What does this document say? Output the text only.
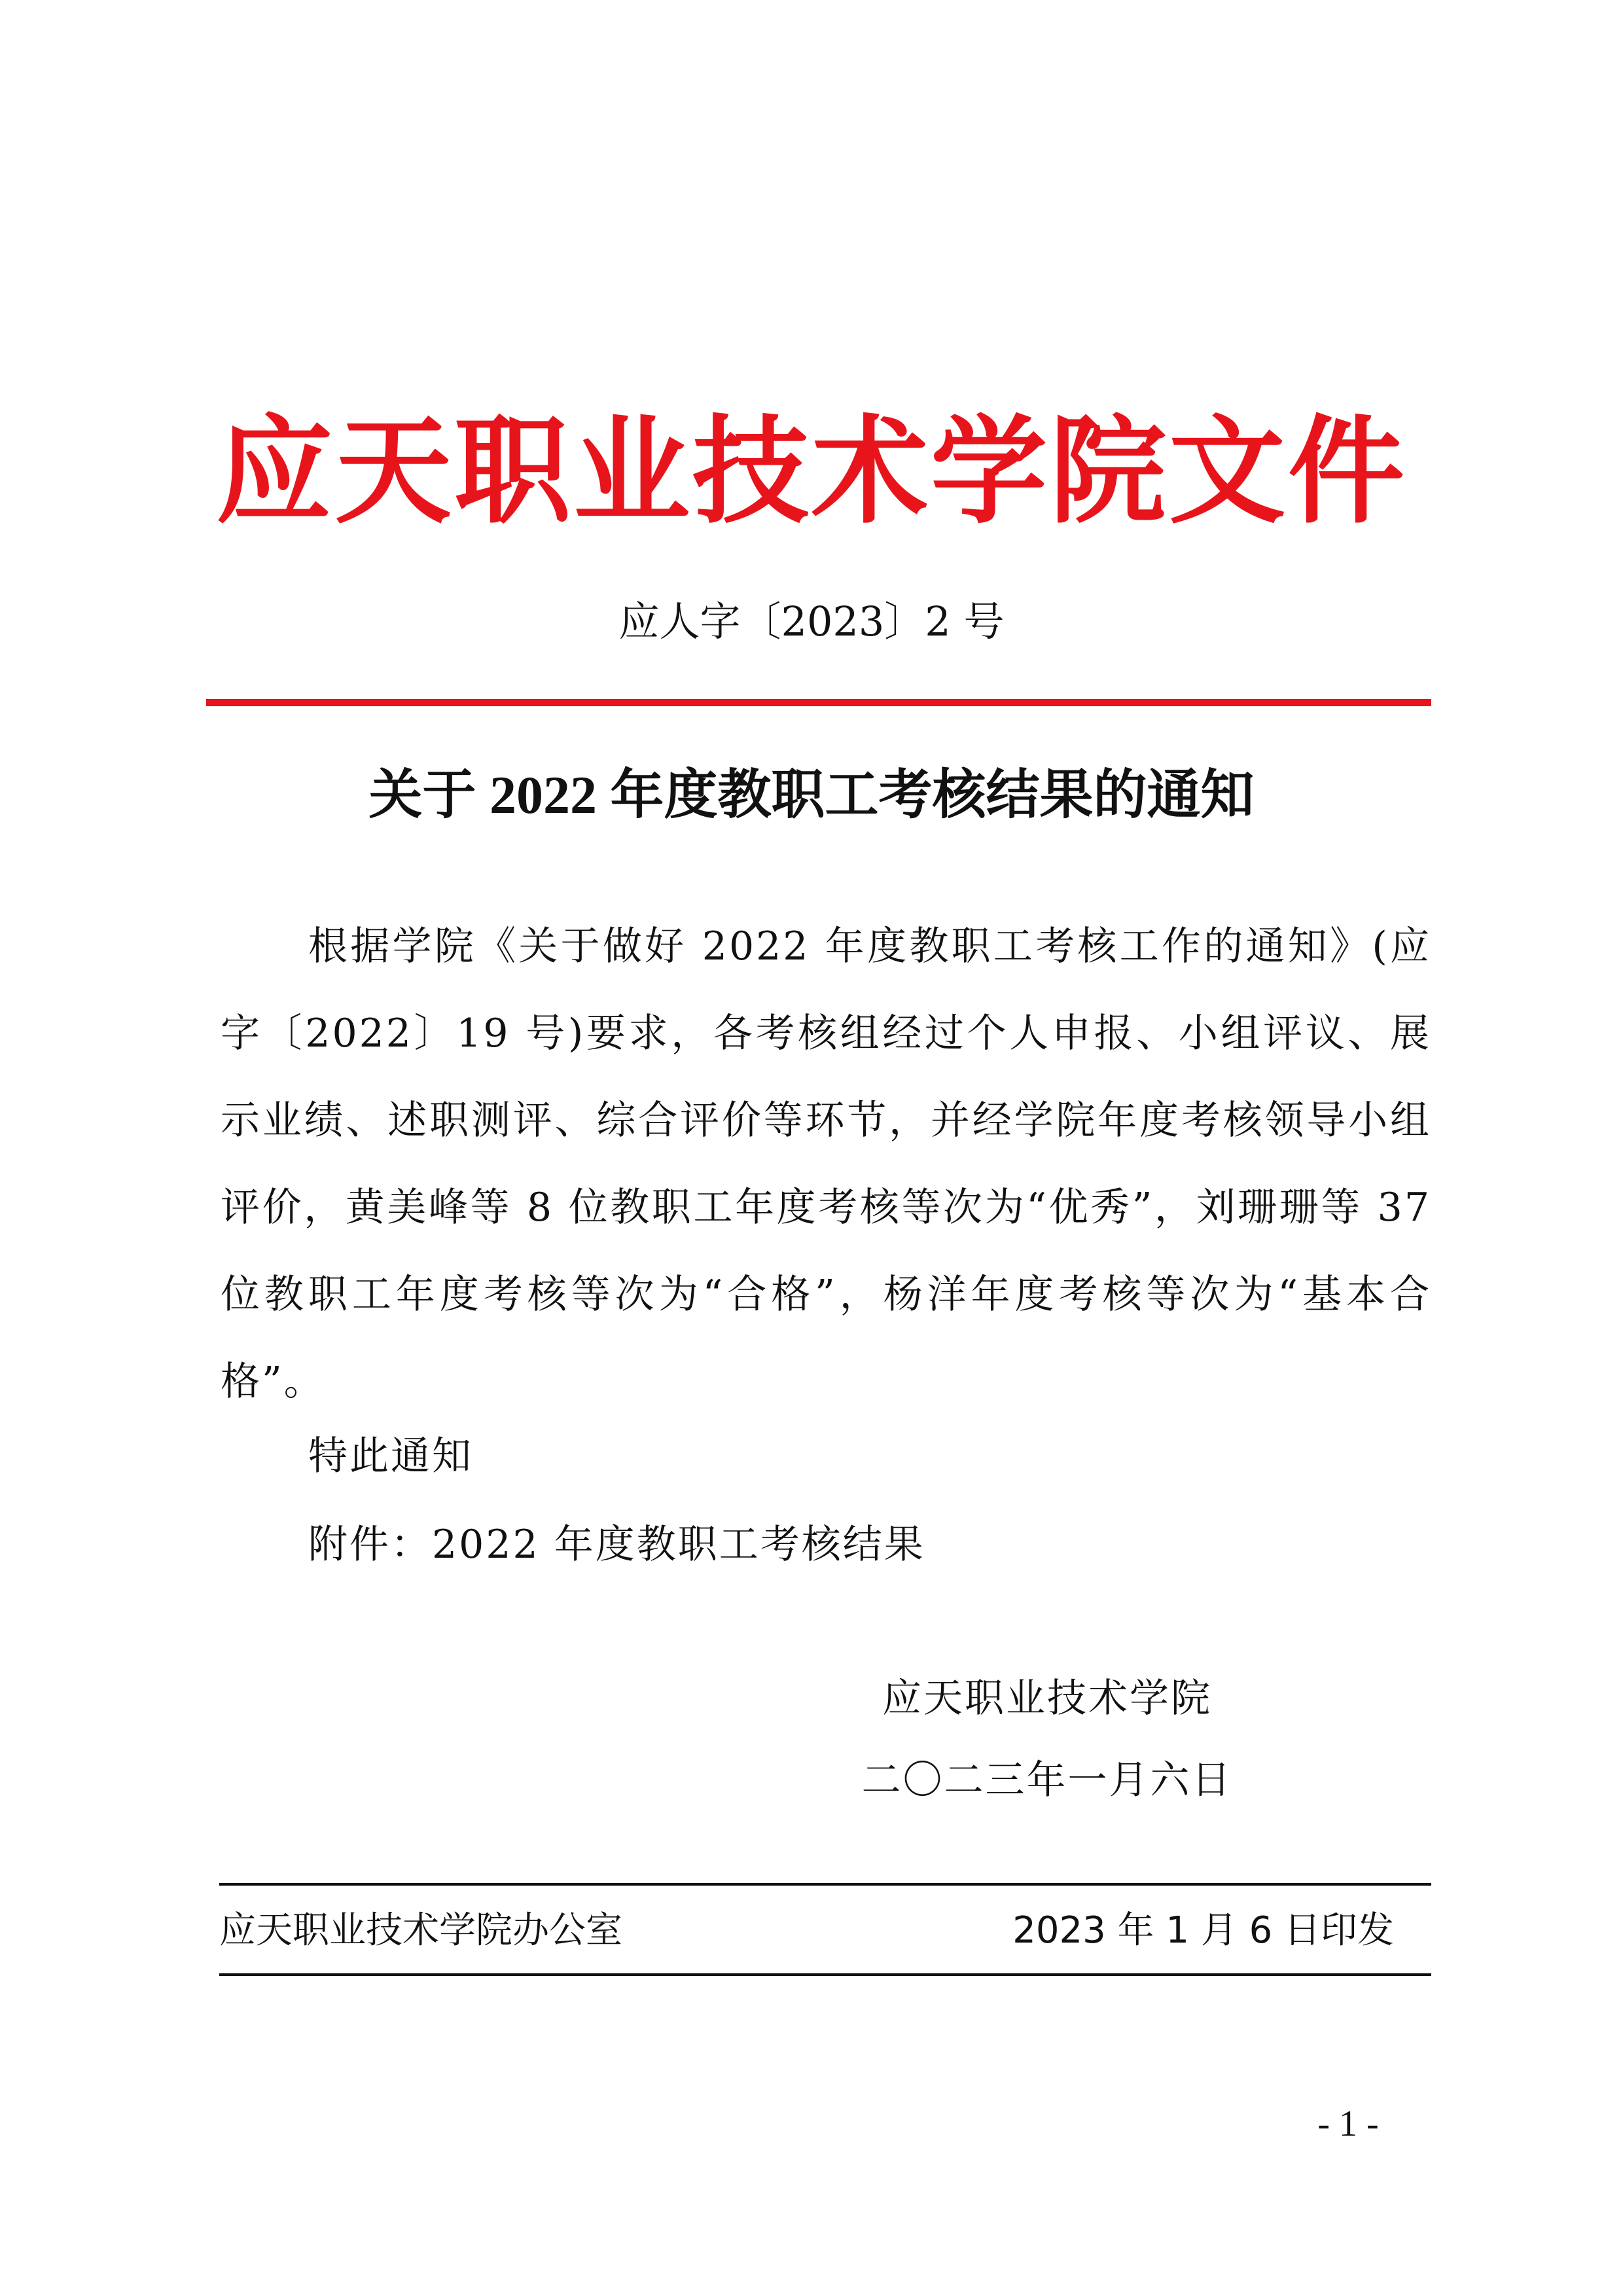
应天职业技术学院文件
应人字〔2023〕2 号
关于 2022 年度教职工考核结果的通知
根据学院《关于做好 2022 年度教职工考核工作的通知》(应字〔2022〕19 号)要求，各考核组经过个人申报、小组评议、展示业绩、述职测评、综合评价等环节，并经学院年度考核领导小组评价，黄美峰等 8 位教职工年度考核等次为“优秀”，刘珊珊等 37 位教职工年度考核等次为“合格”，杨洋年度考核等次为“基本合格”。
特此通知
附件：2022 年度教职工考核结果
应天职业技术学院
二〇二三年一月六日
应天职业技术学院办公室	2023 年 1 月 6 日印发
- 1 -
